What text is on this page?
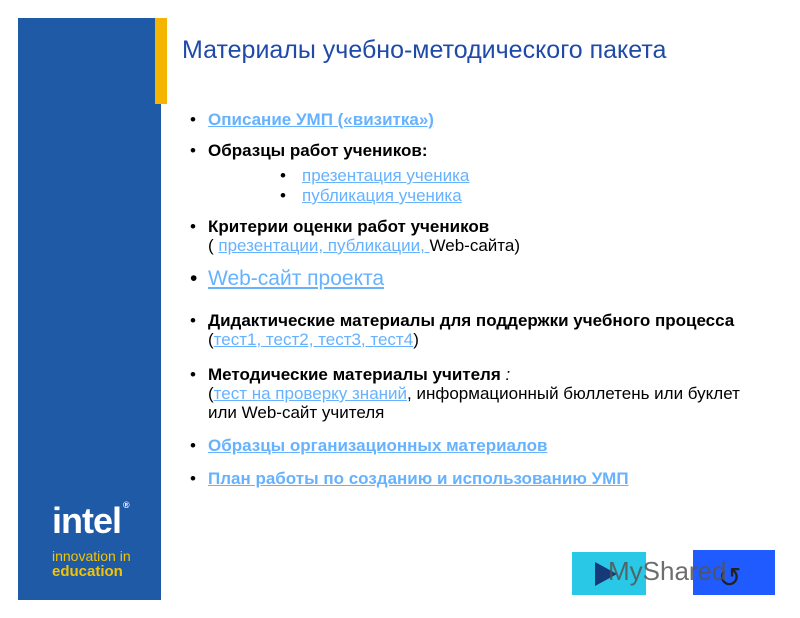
intel ®
innovation in
education
Материалы учебно-методического пакета
• Описание УМП («визитка»)
• Образцы работ учеников:
• презентация ученика
• публикация ученика
• Критерии оценки работ учеников
( презентации, публикации, Web-сайта)
• Web-сайт проекта
• Дидактические материалы для поддержки учебного процесса (тест1, тест2, тест3, тест4)
• Методические материалы учителя :
(тест на проверку знаний, информационный бюллетень или буклет или Web-сайт учителя
• Образцы организационных материалов
• План работы по созданию и использованию УМП
↺
MyShared
